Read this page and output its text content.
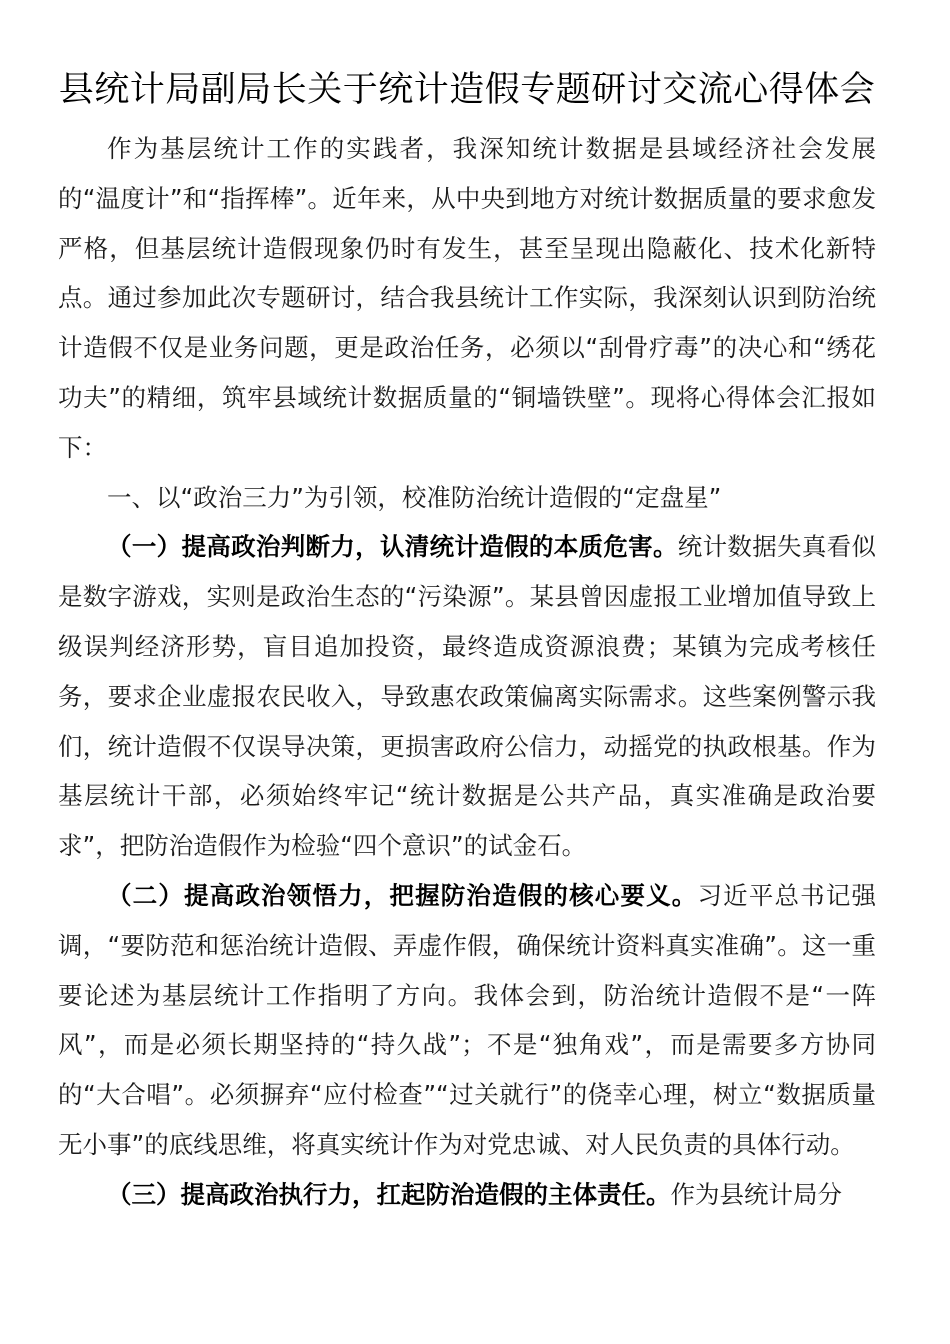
县统计局副局长关于统计造假专题研讨交流心得体会

作为基层统计工作的实践者，我深知统计数据是县域经济社会发展的“温度计”和“指挥棒”。近年来，从中央到地方对统计数据质量的要求愈发严格，但基层统计造假现象仍时有发生，甚至呈现出隐蔽化、技术化新特点。通过参加此次专题研讨，结合我县统计工作实际，我深刻认识到防治统计造假不仅是业务问题，更是政治任务，必须以“刮骨疗毒”的决心和“绣花功夫”的精细，筑牢县域统计数据质量的“铜墙铁壁”。现将心得体会汇报如下：

一、以“政治三力”为引领，校准防治统计造假的“定盘星”

（一）提高政治判断力，认清统计造假的本质危害。统计数据失真看似是数字游戏，实则是政治生态的“污染源”。某县曾因虚报工业增加值导致上级误判经济形势，盲目追加投资，最终造成资源浪费；某镇为完成考核任务，要求企业虚报农民收入，导致惠农政策偏离实际需求。这些案例警示我们，统计造假不仅误导决策，更损害政府公信力，动摇党的执政根基。作为基层统计干部，必须始终牢记“统计数据是公共产品，真实准确是政治要求”，把防治造假作为检验“四个意识”的试金石。

（二）提高政治领悟力，把握防治造假的核心要义。习近平总书记强调，“要防范和惩治统计造假、弄虚作假，确保统计资料真实准确”。这一重要论述为基层统计工作指明了方向。我体会到，防治统计造假不是“一阵风”，而是必须长期坚持的“持久战”；不是“独角戏”，而是需要多方协同的“大合唱”。必须摒弃“应付检查”“过关就行”的侥幸心理，树立“数据质量无小事”的底线思维，将真实统计作为对党忠诚、对人民负责的具体行动。

（三）提高政治执行力，扛起防治造假的主体责任。作为县统计局分
